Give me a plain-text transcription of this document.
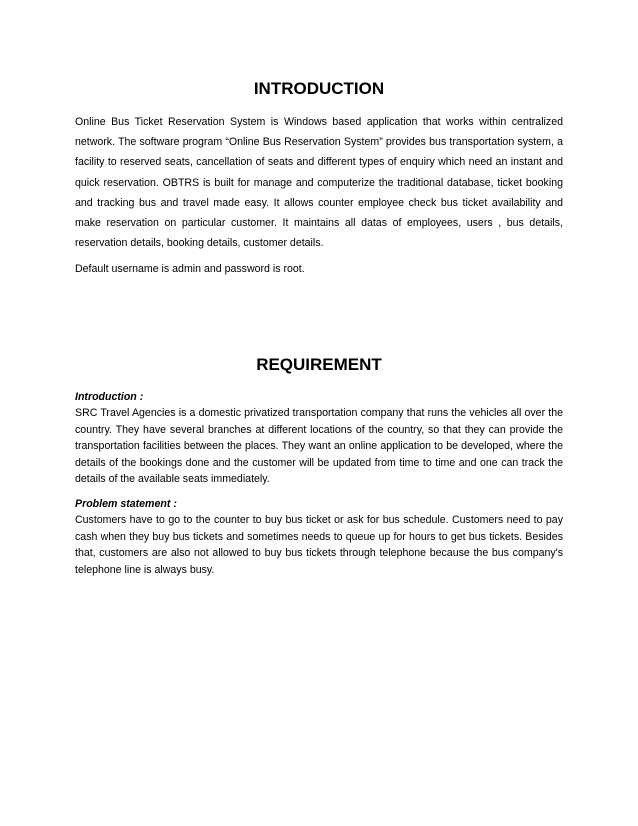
INTRODUCTION

Online Bus Ticket Reservation System is Windows based application that works within centralized network. The software program “Online Bus Reservation System” provides bus transportation system, a facility to reserved seats, cancellation of seats and different types of enquiry which need an instant and quick reservation. OBTRS is built for manage and computerize the traditional database, ticket booking and tracking bus and travel made easy. It allows counter employee check bus ticket availability and make reservation on particular customer. It maintains all datas of employees, users , bus details, reservation details, booking details, customer details.

Default username is admin and password is root.

REQUIREMENT

Introduction :

SRC Travel Agencies is a domestic privatized transportation company that runs the vehicles all over the country. They have several branches at different locations of the country, so that they can provide the transportation facilities between the places. They want an online application to be developed, where the details of the bookings done and the customer will be updated from time to time and one can track the details of the available seats immediately.

Problem statement :

Customers have to go to the counter to buy bus ticket or ask for bus schedule. Customers need to pay cash when they buy bus tickets and sometimes needs to queue up for hours to get bus tickets. Besides that, customers are also not allowed to buy bus tickets through telephone because the bus company's telephone line is always busy.
